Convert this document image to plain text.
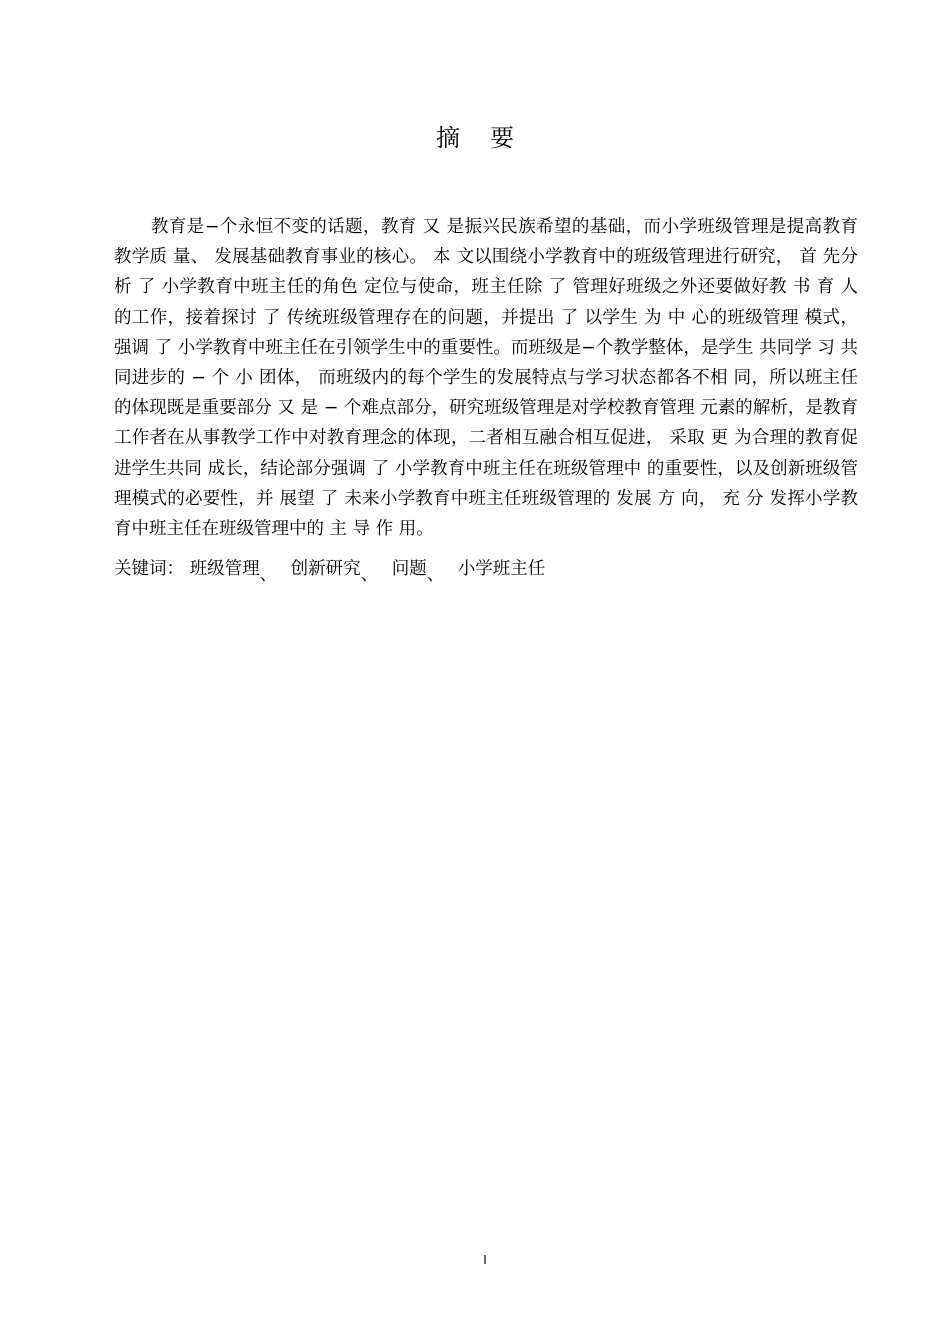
摘要

教育是−个永恒不变的话题，教育 又 是振兴民族希望的基础，而小学班级管理是提高教育教学质 量、 发展基础教育事业的核心。 本 文以围绕小学教育中的班级管理进行研究， 首 先分析 了 小学教育中班主任的角色 定位与使命，班主任除 了 管理好班级之外还要做好教 书 育 人的工作，接着探讨 了 传统班级管理存在的问题，并提出 了 以学生 为 中 心的班级管理 模式，强调 了 小学教育中班主任在引领学生中的重要性。而班级是−个教学整体，是学生 共同学 习 共同进步的 − 个 小 团体， 而班级内的每个学生的发展特点与学习状态都各不相 同，所以班主任的体现既是重要部分 又 是 − 个难点部分，研究班级管理是对学校教育管理 元素的解析，是教育工作者在从事教学工作中对教育理念的体现，二者相互融合相互促进， 采取 更 为合理的教育促进学生共同 成长，结论部分强调 了 小学教育中班主任在班级管理中 的重要性，以及创新班级管理模式的必要性，并 展望 了 未来小学教育中班主任班级管理的 发展 方 向， 充 分 发挥小学教育中班主任在班级管理中的 主 导 作 用。

关键词： 班级管理、 创新研究、 问题、 小学班主任

I
